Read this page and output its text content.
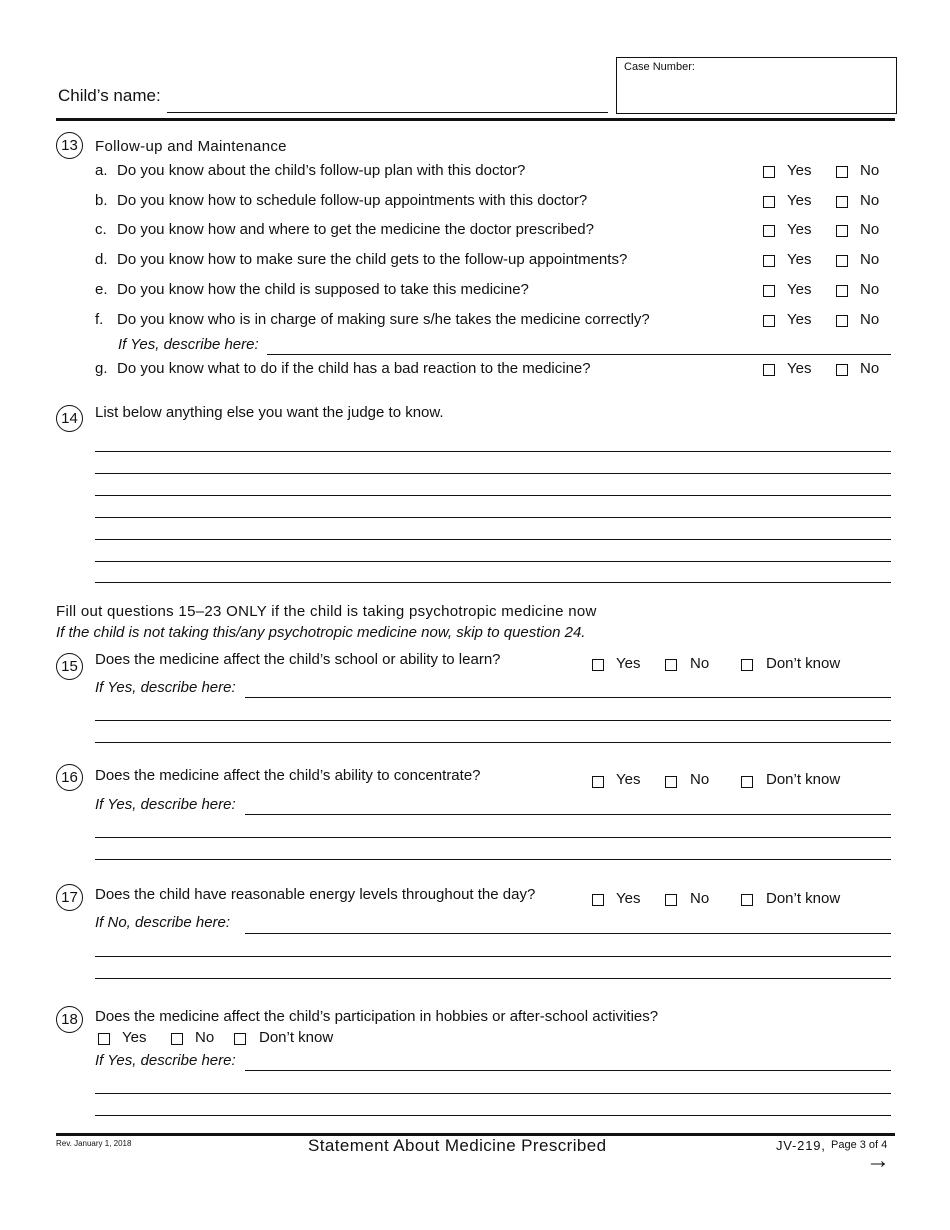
Child’s name:
Case Number:
13	Follow-up and Maintenance
a. Do you know about the child’s follow-up plan with this doctor?	Yes	No
b. Do you know how to schedule follow-up appointments with this doctor?	Yes	No
c. Do you know how and where to get the medicine the doctor prescribed?	Yes	No
d. Do you know how to make sure the child gets to the follow-up appointments?	Yes	No
e. Do you know how the child is supposed to take this medicine?	Yes	No
f. Do you know who is in charge of making sure s/he takes the medicine correctly?	Yes	No
If Yes, describe here:
g. Do you know what to do if the child has a bad reaction to the medicine?	Yes	No
14	List below anything else you want the judge to know.
Fill out questions 15–23 ONLY if the child is taking psychotropic medicine now
If the child is not taking this/any psychotropic medicine now, skip to question 24.
15	Does the medicine affect the child’s school or ability to learn?	Yes	No	Don’t know
If Yes, describe here:
16	Does the medicine affect the child’s ability to concentrate?	Yes	No	Don’t know
If Yes, describe here:
17	Does the child have reasonable energy levels throughout the day?	Yes	No	Don’t know
If No, describe here:
18	Does the medicine affect the child’s participation in hobbies or after-school activities?
Yes	No	Don’t know
If Yes, describe here:
Rev. January 1, 2018	Statement About Medicine Prescribed	JV-219, Page 3 of 4
→
